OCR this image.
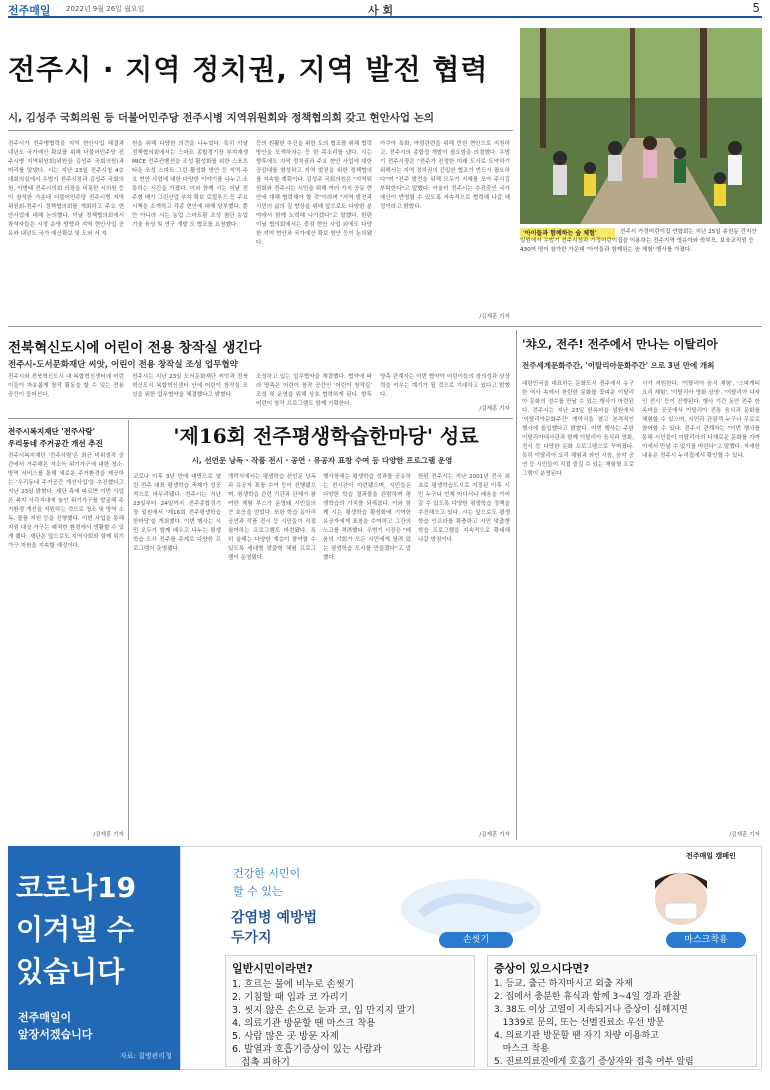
전주매일 2022년 9월 26일 월요일	사 회	5
전주시 · 지역 정치권, 지역 발전 협력
시, 김성주 국회의원 등 더불어민주당 전주시병 지역위원회와 정책협의회 갖고 현안사업 논의
전주시가 전주병협력을 지역 현안사업 해결과 내년도 국가예산 확보를 위해 더불어민주당 전주시병 지역위원회(위원장 김성주 국회의원)과 머리를 맞댔다. 시는 지난 23일 전주시청 4층 대회의실에서 우범기 전주시장과 김성주 국회의원, 이병태 전주시의회 의장을 비롯한 시의원 등이 참석한 가운데 더불어민주당 전주시병 지역위원회-전주시 정책협의회를 개최하고 주요 현안사업에 대해 논의했다. 이날 정책협의회에서 참석자들은 시정 운영 방향과 지역 현안사업 공유와 내년도 국가 예산확보 및 도와 서 지
원을 위해 다양한 의견을 나누었다. 특히 이날 정책협의회에서는 스마트 종합경기장 부지재생 MICE 전주컨벤션을 조성 활성화를 위한 스포츠 타운 조성 스마트 그린 활성화 방안 등 지역 주요 현안 사업에 대한 다양한 이야기를 나누고 소통하는 시간을 가졌다. 이와 함께 시는 이날 전주형 메가 그린산업 부지 확보 로컬푸드 등 주요 시책을 소개하고 각종 현안에 대해 당부했다. 뿐만 아니라 시는 농업 스마트팜 조성 첨단 농업 기술 육성 및 연구 개발 도 협조를 요청했다.
등의 원활한 추진을 위한 도의 협조를 위해 협력 방안을 모색하자는 등 한 목소리를 냈다. 시는 향후에도 지역 정치권과 주요 현안 사업에 대한 공감대를 형성하고 지역 발전을 위한 정책협의를 지속할 계획이다. 김성주 국회의원은 "지역위원회와 전주시는 시민을 위해 여러 가지 공동 현안에 대해 협력해야 할 것"이라며 "지역 발전과 시민의 삶의 질 향상을 위해 앞으로도 다양한 분야에서 함께 노력해 나가겠다"고 말했다. 한편 이날 협의회에서는 중점 현안 사업 외에도 다양한 지역 현안과 국가예산 확보 방안 등이 논의됐다.
아쿠아 특화, 약령관련을 위해 민원 현안으로 지원하고, 전주시의 종합정 개발이 필요함을 의결했다. 우범기 전주시장은 "전주가 진정한 미래 도시로 도약하기 위해서는 지역 정치권의 긴밀한 협조가 반드시 필요하다"며 "전주 발전을 위해 모두가 지혜를 모아 주시길 부탁한다"고 말했다. 아울러 전주시는 추진중인 국가예산이 반영될 수 있도록 지속적으로 협력해 나갈 예정이라고 밝혔다.
/김재훈 기자
'아이들과 함께하는 숲 체험'	전주시 가정어린이집 연합회는 지난 25일 송천동 건지산 일원에서 우범기 전주시장과 가정어린이집을 이용하는 전주지역 영유아와 학부모, 보육교직원 등 430여 명이 참가한 가운데 '아이들과 함께하는 숲 체험' 행사를 가졌다.
전북혁신도시에 어린이 전용 창작실 생긴다
전주시-도서문화재단 씨앗, 어린이 전용 창작실 조성 업무협약
전주시와 전북혁신도시 내 복합혁신센터에 어린이들이 자유롭게 창작 활동을 할 수 있는 전용 공간이 들어선다.
전주시는 지난 23일 도서문화재단 씨앗과 전북혁신도시 복합혁신센터 안에 어린이 창작실 조성을 위한 업무협약을 체결했다고 밝혔다.
조성하고 있는 업무협약을 체결했다. 협약에 따라 양측은 어린이 창작 공간인 '어린이 창작실' 조성 및 운영을 위해 상호 협력하게 된다. 향후 어린이 창작 프로그램도 함께 기획한다.
양측 관계자는 이번 협약이 어린이들의 창의성과 상상력을 키우는 계기가 될 것으로 기대하고 있다고 밝혔다.
/김재훈 기자
전주시복지재단 '전주사람'
우리동네 주거공간 개선 추진
전주시복지재단 '전주사람'은 최근 비위생적 공간에서 거주해온 저소득 위기가구에 대한 청소·방역 서비스를 통해 새로운 주거환경을 제공하는 '우리동네 주거공간 개선사업'을 추진했다고 지난 23일 밝혔다. 재단 측에 따르면 이번 사업은 복지 사각지대에 놓인 위기가구를 발굴해 주거환경 개선을 지원하는 것으로 청소 및 방역 소독, 물품 지원 등을 진행했다. 이번 사업을 통해 지원 대상 가구는 쾌적한 환경에서 생활할 수 있게 됐다. 재단은 앞으로도 지역사회와 함께 위기가구 지원을 지속할 예정이다.
/김재훈 기자
'제16회 전주평생학습한마당' 성료
시, 선연문 낭독 · 작품 전시 · 공연 · 유공자 표창 수여 등 다양한 프로그램 운영
코로나 이후 3년 만에 대면으로 열린 전주 대표 평생학습 축제가 성공적으로 마무리됐다. 전주시는 지난 23일부터 24일까지 전주종합경기장 일원에서 '제16회 전주평생학습한마당'을 개최했다. 이번 행사는 시민 모두가 함께 배우고 나누는 평생학습 도시 전주를 주제로 다양한 프로그램이 운영됐다.
개막식에서는 평생학습 선언문 낭독과 유공자 표창 수여 등이 진행됐으며, 평생학습 관련 기관과 단체가 참여한 체험 부스가 운영돼 시민들의 큰 호응을 얻었다. 또한 학습 동아리 공연과 작품 전시 등 시민들이 직접 참여하는 프로그램도 마련됐다. 특히 올해는 다양한 계층이 참여할 수 있도록 세대별 맞춤형 체험 프로그램이 운영됐다.
행사장에는 평생학습 성과를 공유하는 전시관이 마련됐으며, 시민들은 다양한 학습 결과물을 관람하며 평생학습의 가치를 되새겼다. 이와 함께 시는 평생학습 활성화에 기여한 유공자에게 표창을 수여하고 그간의 노고를 격려했다. 우범기 시장은 "배움의 기회가 모든 시민에게 열려 있는 평생학습 도시를 만들겠다"고 말했다.
한편 전주시는 지난 2001년 전국 최초로 평생학습도시로 지정된 이후 시민 누구나 언제 어디서나 배움을 이어갈 수 있도록 다양한 평생학습 정책을 추진해오고 있다. 시는 앞으로도 평생학습 인프라를 확충하고 시민 맞춤형 학습 프로그램을 지속적으로 확대해 나갈 방침이다.
/김재훈 기자
'챠오, 전주! 전주에서 만나는 이탈리아
전주세계문화주간, '이탈리아문화주간' 으로 3년 만에 개최
대한민국을 대표하는 문화도시 전주에서 유구한 역사 속에서 찬란한 문화를 꽃피운 이탈리아 문화의 정수를 만날 수 있는 행사가 마련된다. 전주시는 지난 23일 한옥마을 일원에서 '이탈리아문화주간' 개막식을 열고 본격적인 행사에 돌입했다고 밝혔다. 이번 행사는 주한이탈리아대사관과 함께 이탈리아 음식과 영화, 전시 등 다양한 문화 프로그램으로 꾸며졌다. 특히 이탈리아 요리 체험과 와인 시음, 음악 공연 등 시민들이 직접 즐길 수 있는 체험형 프로그램이 운영된다.
시가 지원한다. '이탈리아 음식 체험', '스파게티 요리 체험', '이탈리아 영화 상영', '이탈리아 디자인 전시' 등이 진행된다. 행사 기간 동안 전주 한옥마을 곳곳에서 이탈리아 전통 음식과 문화를 체험할 수 있으며, 시민과 관광객 누구나 무료로 참여할 수 있다. 전주시 관계자는 "이번 행사를 통해 시민들이 이탈리아의 다채로운 문화를 가까이에서 만날 수 있기를 바란다"고 말했다. 자세한 내용은 전주시 누리집에서 확인할 수 있다.
/김재훈 기자
코로나19
이겨낼 수
있습니다
전주매일이
앞장서겠습니다
자료: 질병관리청
전주매일 캠페인
건강한 시민이
할 수 있는
감염병 예방법
두가지	손씻기	마스크착용
일반시민이라면?
1. 흐르는 물에 비누로 손씻기
2. 기침할 때 입과 코 가리기
3. 씻지 않은 손으로 눈과 코, 입 만지지 말기
4. 의료기관 방문할 땐 마스크 착용
5. 사람 많은 곳 방문 자제
6. 발열과 호흡기증상이 있는 사람과
접촉 피하기
증상이 있으시다면?
1. 등교, 출근 하지마시고 외출 자제
2. 집에서 충분한 휴식과 함께 3~4일 경과 관찰
3. 38도 이상 고열이 지속되거나 증상이 심해지면
1339로 문의, 또는 선별진료소 우선 방문
4. 의료기관 방문할 땐 자기 차량 이용하고
마스크 착용
5. 진료의료진에게 호흡기 증상자와 접촉 여부 알림
